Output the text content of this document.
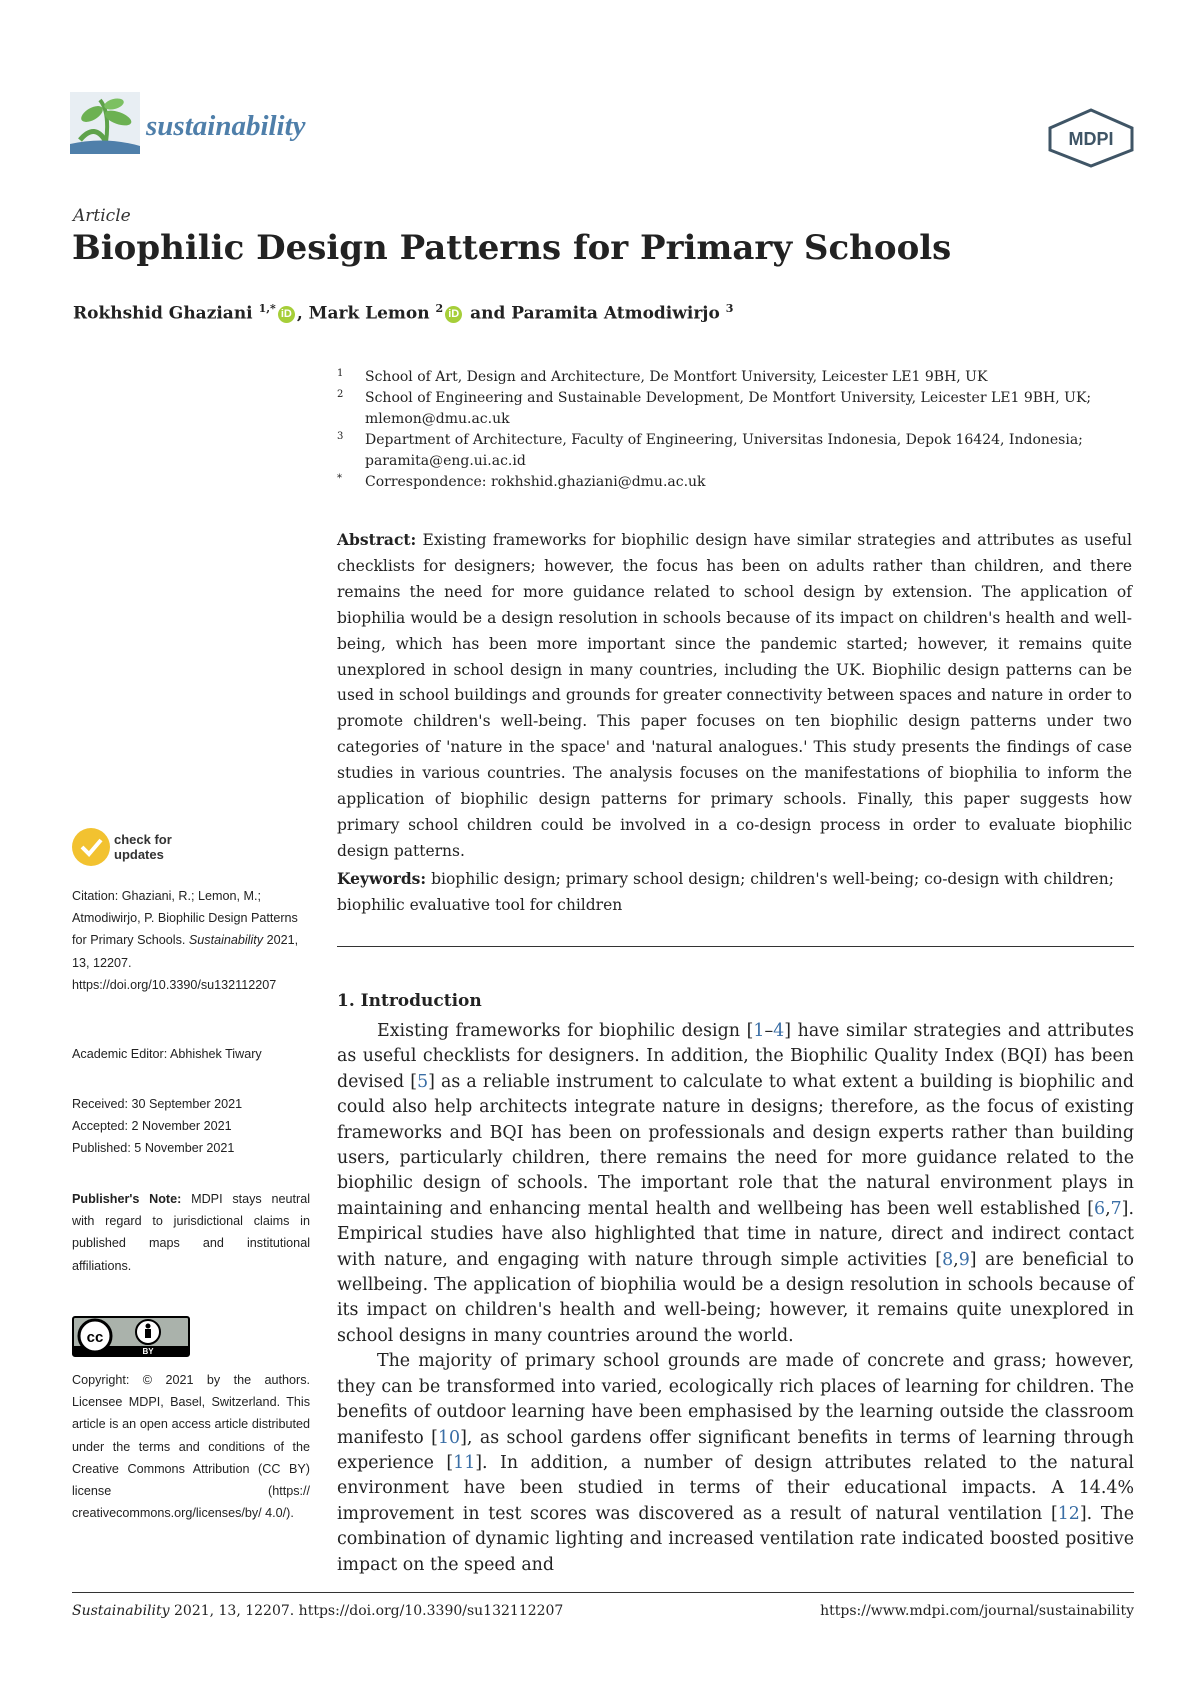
sustainability	MDPI
Article
Biophilic Design Patterns for Primary Schools
Rokhshid Ghaziani $^{1,*}$ iD , Mark Lemon $^2$ iD and Paramita Atmodiwirjo $^3$
1 School of Art, Design and Architecture, De Montfort University, Leicester LE1 9BH, UK
2 School of Engineering and Sustainable Development, De Montfort University, Leicester LE1 9BH, UK; mlemon@dmu.ac.uk
3 Department of Architecture, Faculty of Engineering, Universitas Indonesia, Depok 16424, Indonesia; paramita@eng.ui.ac.id
* Correspondence: rokhshid.ghaziani@dmu.ac.uk
Abstract: Existing frameworks for biophilic design have similar strategies and attributes as useful checklists for designers; however, the focus has been on adults rather than children, and there remains the need for more guidance related to school design by extension. The application of biophilia would be a design resolution in schools because of its impact on children's health and well-being, which has been more important since the pandemic started; however, it remains quite unexplored in school design in many countries, including the UK. Biophilic design patterns can be used in school buildings and grounds for greater connectivity between spaces and nature in order to promote children's well-being. This paper focuses on ten biophilic design patterns under two categories of 'nature in the space' and 'natural analogues.' This study presents the findings of case studies in various countries. The analysis focuses on the manifestations of biophilia to inform the application of biophilic design patterns for primary schools. Finally, this paper suggests how primary school children could be involved in a co-design process in order to evaluate biophilic design patterns.
Keywords: biophilic design; primary school design; children's well-being; co-design with children; biophilic evaluative tool for children
1. Introduction

Existing frameworks for biophilic design [1–4] have similar strategies and attributes as useful checklists for designers. In addition, the Biophilic Quality Index (BQI) has been devised [5] as a reliable instrument to calculate to what extent a building is biophilic and could also help architects integrate nature in designs; therefore, as the focus of existing frameworks and BQI has been on professionals and design experts rather than building users, particularly children, there remains the need for more guidance related to the biophilic design of schools. The important role that the natural environment plays in maintaining and enhancing mental health and wellbeing has been well established [6,7]. Empirical studies have also highlighted that time in nature, direct and indirect contact with nature, and engaging with nature through simple activities [8,9] are beneficial to wellbeing. The application of biophilia would be a design resolution in schools because of its impact on children's health and well-being; however, it remains quite unexplored in school designs in many countries around the world.

The majority of primary school grounds are made of concrete and grass; however, they can be transformed into varied, ecologically rich places of learning for children. The benefits of outdoor learning have been emphasised by the learning outside the classroom manifesto [10], as school gardens offer significant benefits in terms of learning through experience [11]. In addition, a number of design attributes related to the natural environment have been studied in terms of their educational impacts. A 14.4% improvement in test scores was discovered as a result of natural ventilation [12]. The combination of dynamic lighting and increased ventilation rate indicated boosted positive impact on the speed and

check for
updates
Citation: Ghaziani, R.; Lemon, M.; Atmodiwirjo, P. Biophilic Design Patterns for Primary Schools. Sustainability 2021, 13, 12207. https://doi.org/10.3390/su132112207
Academic Editor: Abhishek Tiwary
Received: 30 September 2021
Accepted: 2 November 2021
Published: 5 November 2021
Publisher's Note: MDPI stays neutral with regard to jurisdictional claims in published maps and institutional affiliations.
cc
BY
Copyright: © 2021 by the authors. Licensee MDPI, Basel, Switzerland. This article is an open access article distributed under the terms and conditions of the Creative Commons Attribution (CC BY) license (https:// creativecommons.org/licenses/by/ 4.0/).
Sustainability 2021, 13, 12207. https://doi.org/10.3390/su132112207	https://www.mdpi.com/journal/sustainability
